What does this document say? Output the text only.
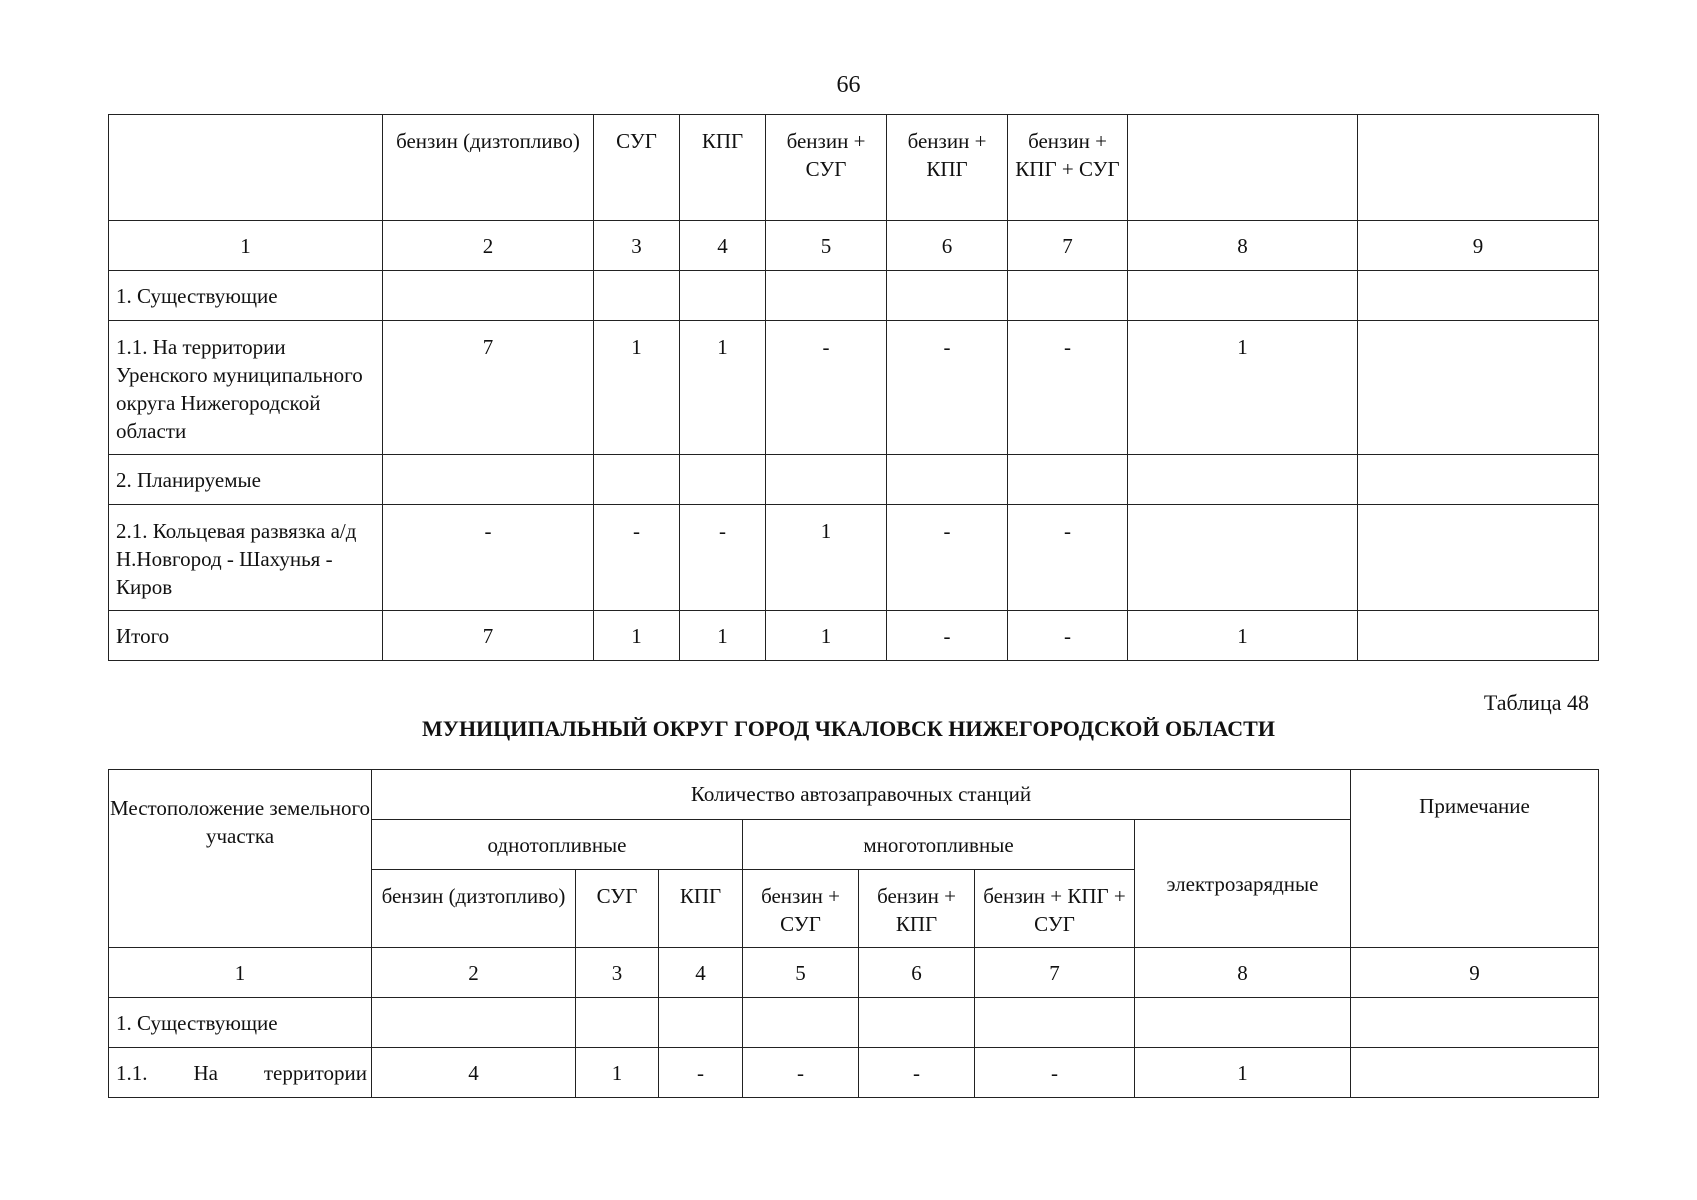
66
	бензин (дизтопливо)	СУГ	КПГ	бензин + СУГ	бензин + КПГ	бензин + КПГ + СУГ		
1	2	3	4	5	6	7	8	9
1. Существующие								
1.1. На территории Уренского муниципального округа Нижегородской области	7	1	1	-	-	-	1	
2. Планируемые								
2.1. Кольцевая развязка а/д Н.Новгород - Шахунья - Киров	-	-	-	1	-	-		
Итого	7	1	1	1	-	-	1	
Таблица 48
МУНИЦИПАЛЬНЫЙ ОКРУГ ГОРОД ЧКАЛОВСК НИЖЕГОРОДСКОЙ ОБЛАСТИ
Местоположение земельного участка	Количество автозаправочных станций							Примечание
	однотопливные			многотопливные			электрозарядные	
	бензин (дизтопливо)	СУГ	КПГ	бензин + СУГ	бензин + КПГ	бензин + КПГ + СУГ		
1	2	3	4	5	6	7	8	9
1. Существующие								

1.1. На территории	4	1	-	-	-	-	1	
